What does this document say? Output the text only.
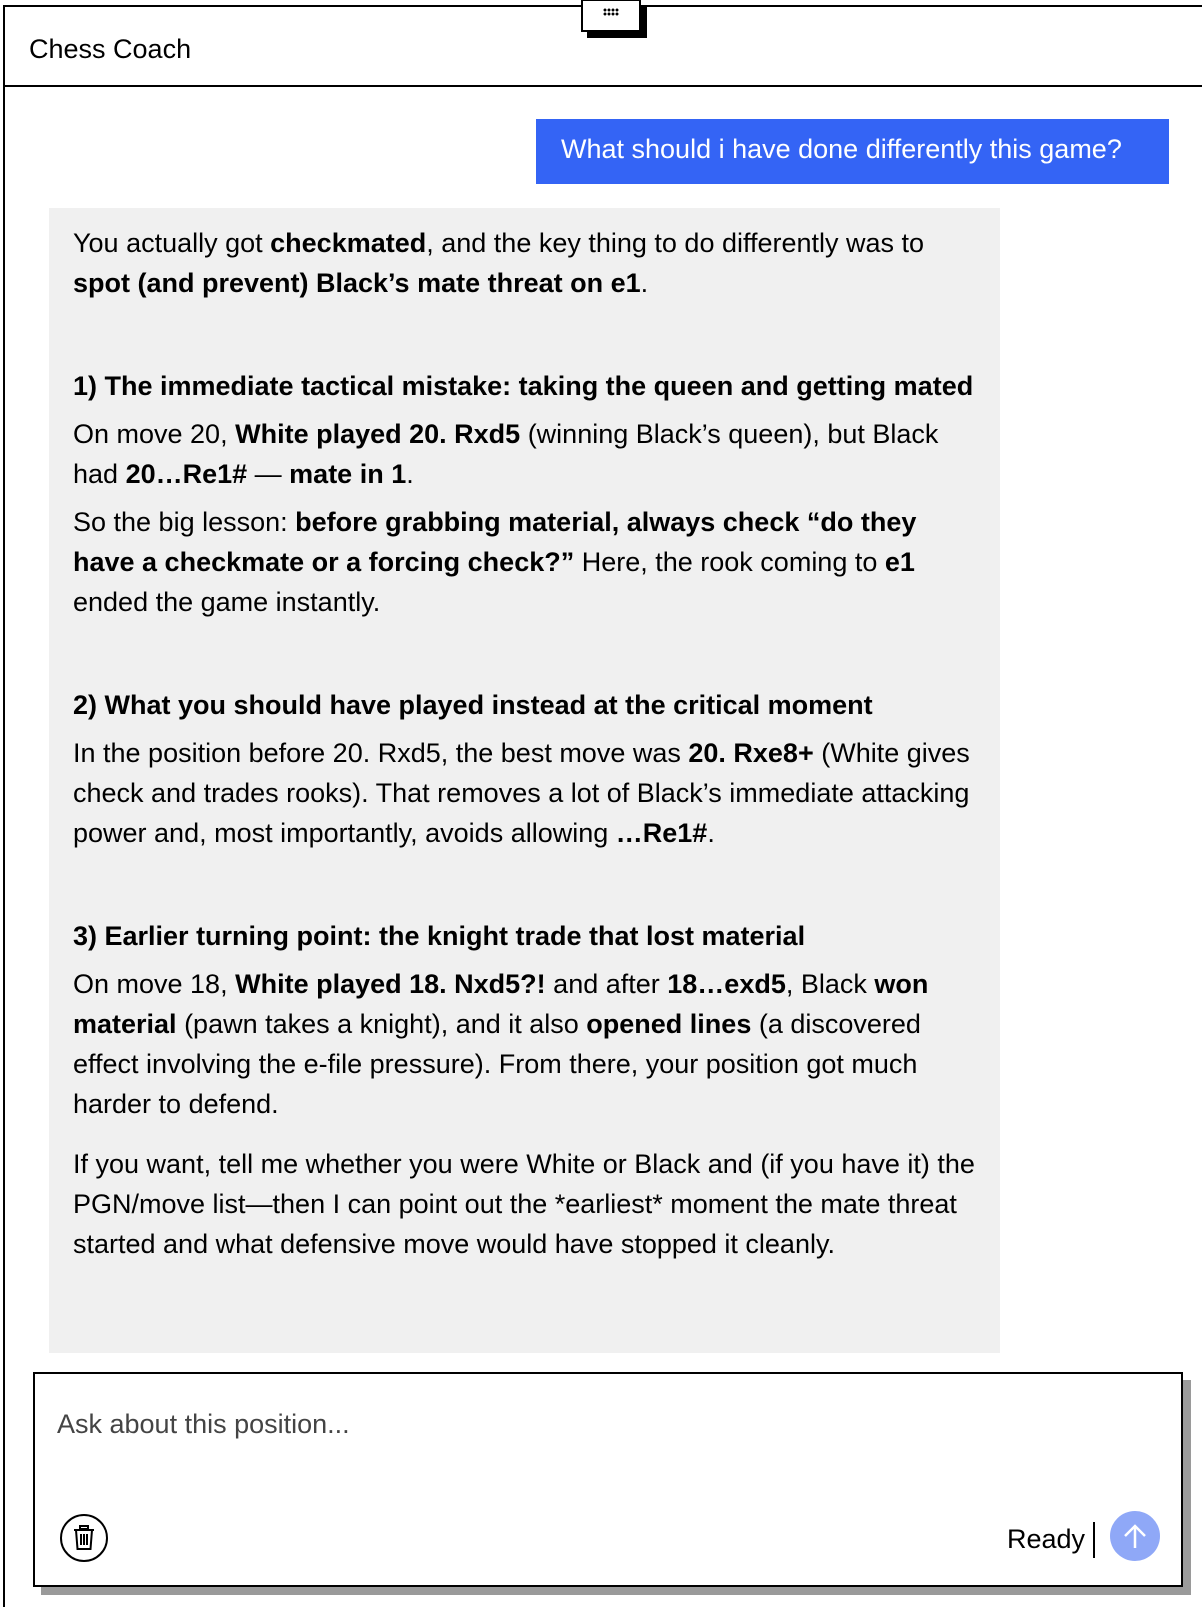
Chess Coach
What should i have done differently this game?

You actually got checkmated, and the key thing to do differently was to spot (and prevent) Black’s mate threat on e1.

1) The immediate tactical mistake: taking the queen and getting mated

On move 20, White played 20. Rxd5 (winning Black’s queen), but Black had 20…Re1# — mate in 1.

So the big lesson: before grabbing material, always check “do they have a checkmate or a forcing check?” Here, the rook coming to e1 ended the game instantly.

2) What you should have played instead at the critical moment

In the position before 20. Rxd5, the best move was 20. Rxe8+ (White gives check and trades rooks). That removes a lot of Black’s immediate attacking power and, most importantly, avoids allowing …Re1#.

3) Earlier turning point: the knight trade that lost material

On move 18, White played 18. Nxd5?! and after 18…exd5, Black won material (pawn takes a knight), and it also opened lines (a discovered effect involving the e-file pressure). From there, your position got much harder to defend.

If you want, tell me whether you were White or Black and (if you have it) the PGN/move list—then I can point out the *earliest* moment the mate threat started and what defensive move would have stopped it cleanly.

Ask about this position...
Ready
